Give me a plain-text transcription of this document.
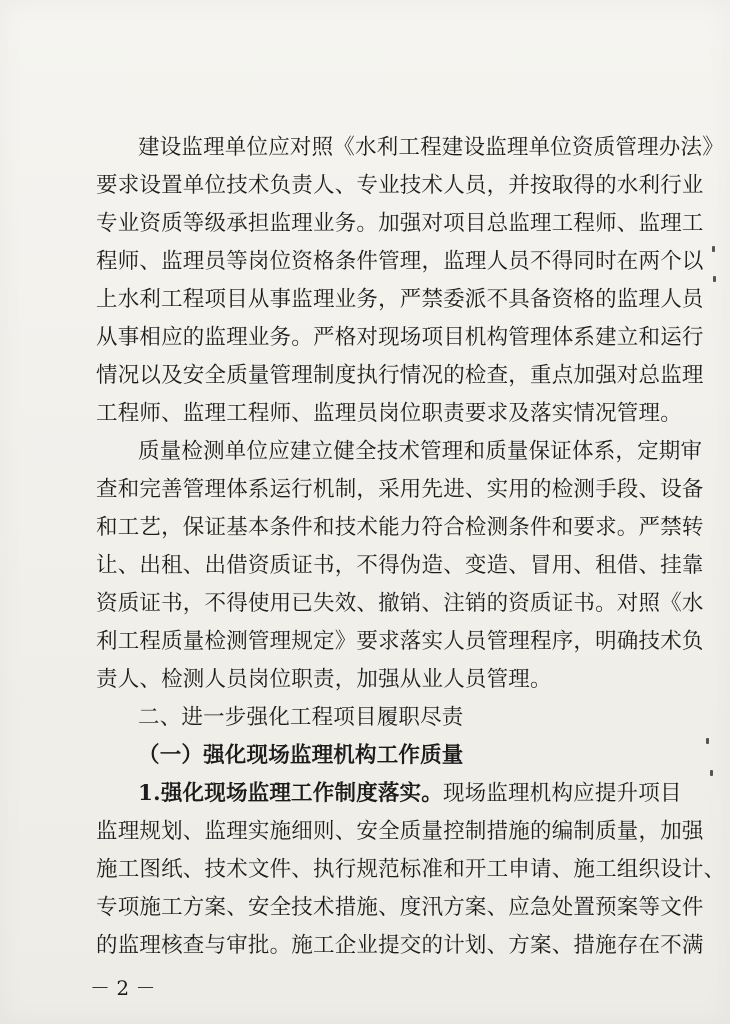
建设监理单位应对照《水利工程建设监理单位资质管理办法》
要求设置单位技术负责人、专业技术人员，并按取得的水利行业
专业资质等级承担监理业务。加强对项目总监理工程师、监理工
程师、监理员等岗位资格条件管理，监理人员不得同时在两个以
上水利工程项目从事监理业务，严禁委派不具备资格的监理人员
从事相应的监理业务。严格对现场项目机构管理体系建立和运行
情况以及安全质量管理制度执行情况的检查，重点加强对总监理
工程师、监理工程师、监理员岗位职责要求及落实情况管理。
质量检测单位应建立健全技术管理和质量保证体系，定期审
查和完善管理体系运行机制，采用先进、实用的检测手段、设备
和工艺，保证基本条件和技术能力符合检测条件和要求。严禁转
让、出租、出借资质证书，不得伪造、变造、冒用、租借、挂靠
资质证书，不得使用已失效、撤销、注销的资质证书。对照《水
利工程质量检测管理规定》要求落实人员管理程序，明确技术负
责人、检测人员岗位职责，加强从业人员管理。
二、进一步强化工程项目履职尽责
（一）强化现场监理机构工作质量
1.强化现场监理工作制度落实。现场监理机构应提升项目
监理规划、监理实施细则、安全质量控制措施的编制质量，加强
施工图纸、技术文件、执行规范标准和开工申请、施工组织设计、
专项施工方案、安全技术措施、度汛方案、应急处置预案等文件
的监理核查与审批。施工企业提交的计划、方案、措施存在不满
－ 2 －
